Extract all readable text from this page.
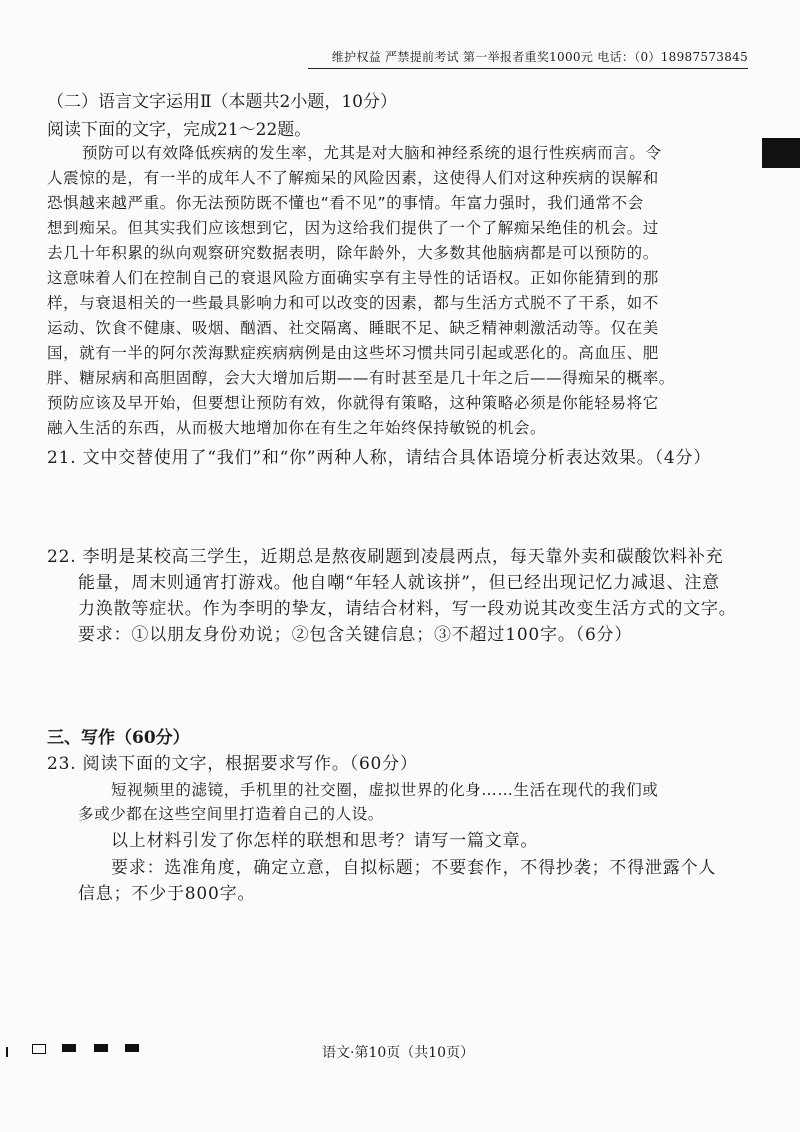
维护权益 严禁提前考试 第一举报者重奖1000元 电话：（0）18987573845
（二）语言文字运用Ⅱ（本题共2小题，10分）
阅读下面的文字，完成21～22题。
预防可以有效降低疾病的发生率，尤其是对大脑和神经系统的退行性疾病而言。令
人震惊的是，有一半的成年人不了解痴呆的风险因素，这使得人们对这种疾病的误解和
恐惧越来越严重。你无法预防既不懂也“看不见”的事情。年富力强时，我们通常不会
想到痴呆。但其实我们应该想到它，因为这给我们提供了一个了解痴呆绝佳的机会。过
去几十年积累的纵向观察研究数据表明，除年龄外，大多数其他脑病都是可以预防的。
这意味着人们在控制自己的衰退风险方面确实享有主导性的话语权。正如你能猜到的那
样，与衰退相关的一些最具影响力和可以改变的因素，都与生活方式脱不了干系，如不
运动、饮食不健康、吸烟、酗酒、社交隔离、睡眠不足、缺乏精神刺激活动等。仅在美
国，就有一半的阿尔茨海默症疾病病例是由这些坏习惯共同引起或恶化的。高血压、肥
胖、糖尿病和高胆固醇，会大大增加后期——有时甚至是几十年之后——得痴呆的概率。
预防应该及早开始，但要想让预防有效，你就得有策略，这种策略必须是你能轻易将它
融入生活的东西，从而极大地增加你在有生之年始终保持敏锐的机会。
21. 文中交替使用了“我们”和“你”两种人称，请结合具体语境分析表达效果。（4分）
22. 李明是某校高三学生，近期总是熬夜刷题到凌晨两点，每天靠外卖和碳酸饮料补充
能量，周末则通宵打游戏。他自嘲“年轻人就该拼”，但已经出现记忆力减退、注意
力涣散等症状。作为李明的挚友，请结合材料，写一段劝说其改变生活方式的文字。
要求：①以朋友身份劝说；②包含关键信息；③不超过100字。（6分）
三、写作（60分）
23. 阅读下面的文字，根据要求写作。（60分）
短视频里的滤镜，手机里的社交圈，虚拟世界的化身……生活在现代的我们或
多或少都在这些空间里打造着自己的人设。
以上材料引发了你怎样的联想和思考？请写一篇文章。
要求：选准角度，确定立意，自拟标题；不要套作，不得抄袭；不得泄露个人
信息；不少于800字。
语文·第10页（共10页）
